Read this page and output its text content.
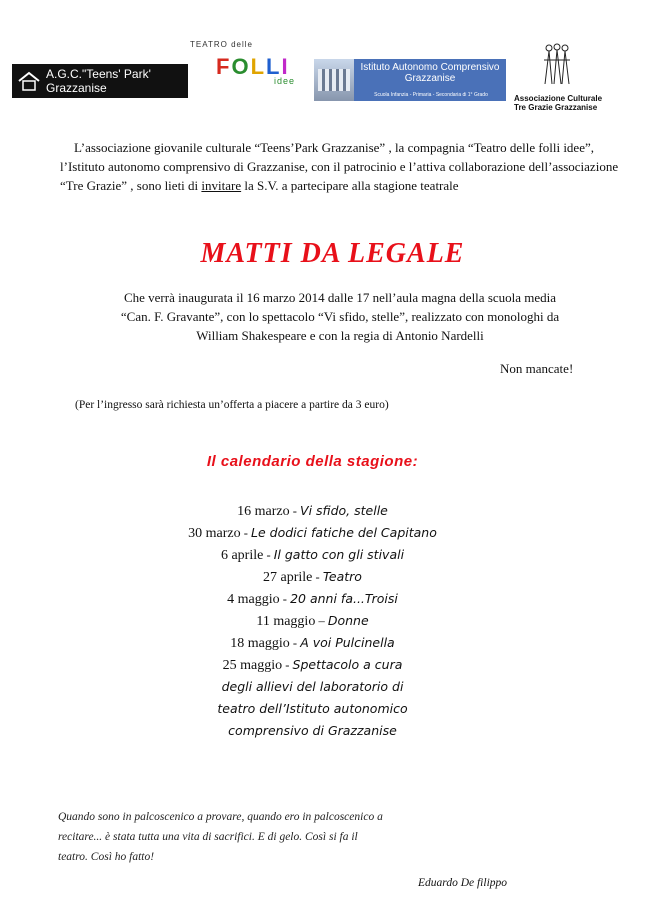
A.G.C."Teens' Park' Grazzanise
TEATRO delle
FOLLI
idee
Istituto Autonomo Comprensivo Grazzanise
Scuola Infanzia - Primaria - Secondaria di 1° Grado	Associazione Culturale
Tre Grazie Grazzanise
L’associazione giovanile culturale “Teens’Park Grazzanise” , la compagnia “Teatro delle folli idee”,
l’Istituto autonomo comprensivo di Grazzanise, con il patrocinio e l’attiva collaborazione dell’associazione
“Tre Grazie” , sono lieti di invitare la S.V. a partecipare alla stagione teatrale
MATTI DA LEGALE
Che verrà inaugurata il 16 marzo 2014 dalle 17 nell’aula magna della scuola media
“Can. F. Gravante”, con lo spettacolo “Vi sfido, stelle”, realizzato con monologhi da
William Shakespeare e con la regia di Antonio Nardelli
Non mancate!
(Per l’ingresso sarà richiesta un’offerta a piacere a partire da 3 euro)
Il calendario della stagione:
16 marzo - Vi sfido, stelle
30 marzo - Le dodici fatiche del Capitano
6 aprile - Il gatto con gli stivali
27 aprile - Teatro
4 maggio - 20 anni fa...Troisi
11 maggio – Donne
18 maggio - A voi Pulcinella
25 maggio - Spettacolo a cura
degli allievi del laboratorio di
teatro dell’Istituto autonomico
comprensivo di Grazzanise
Quando sono in palcoscenico a provare, quando ero in palcoscenico a
recitare... è stata tutta una vita di sacrifici. E di gelo. Così si fa il
teatro. Così ho fatto!
Eduardo De filippo
